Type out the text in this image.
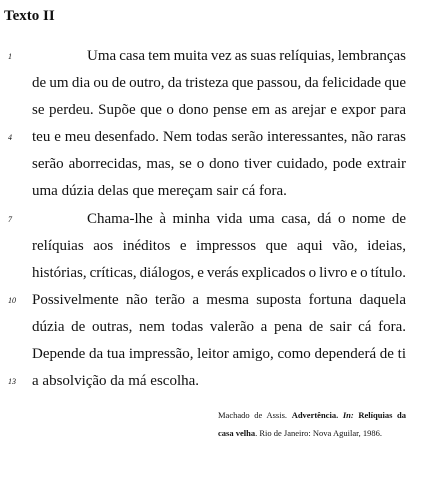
Texto II
1	Uma casa tem muita vez as suas relíquias, lembranças
de um dia ou de outro, da tristeza que passou, da felicidade que
se perdeu. Supõe que o dono pense em as arejar e expor para
4 teu e meu desenfado. Nem todas serão interessantes, não raras
serão aborrecidas, mas, se o dono tiver cuidado, pode extrair
uma dúzia delas que mereçam sair cá fora.
7	Chama-lhe à minha vida uma casa, dá o nome de
relíquias aos inéditos e impressos que aqui vão, ideias,
histórias, críticas, diálogos, e verás explicados o livro e o título.
10 Possivelmente não terão a mesma suposta fortuna daquela
dúzia de outras, nem todas valerão a pena de sair cá fora.
Depende da tua impressão, leitor amigo, como dependerá de ti
13 a absolvição da má escolha.
Machado de Assis. Advertência. In: Relíquias da casa velha. Rio de Janeiro: Nova Aguilar, 1986.
